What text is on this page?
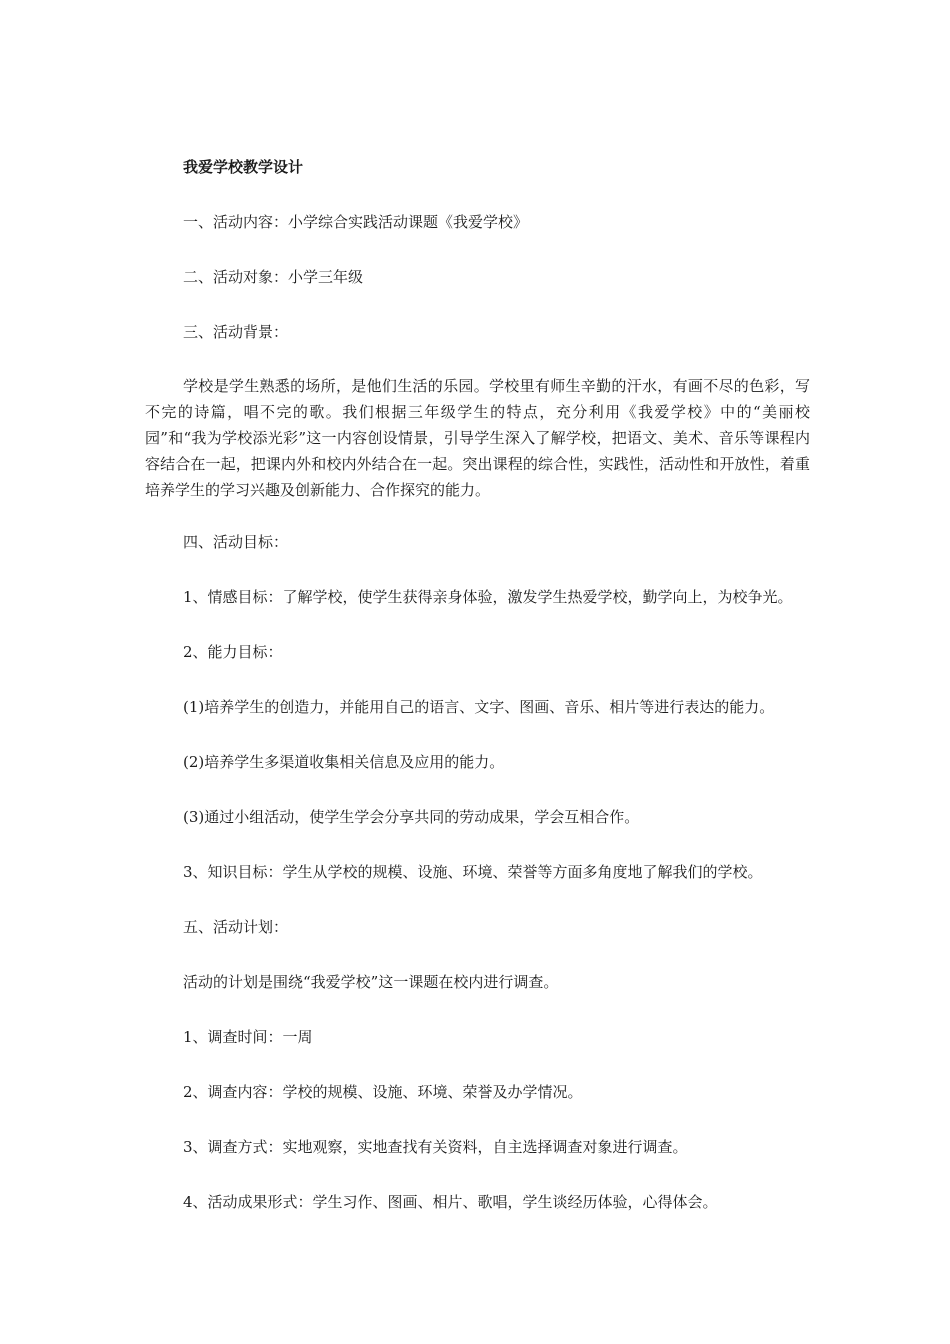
我爱学校教学设计
一、活动内容：小学综合实践活动课题《我爱学校》
二、活动对象：小学三年级
三、活动背景：
学校是学生熟悉的场所，是他们生活的乐园。学校里有师生辛勤的汗水，有画不尽的色彩，写不完的诗篇，唱不完的歌。我们根据三年级学生的特点，充分利用《我爱学校》中的“美丽校园”和“我为学校添光彩”这一内容创设情景，引导学生深入了解学校，把语文、美术、音乐等课程内容结合在一起，把课内外和校内外结合在一起。突出课程的综合性，实践性，活动性和开放性，着重培养学生的学习兴趣及创新能力、合作探究的能力。
四、活动目标：
1、情感目标：了解学校，使学生获得亲身体验，激发学生热爱学校，勤学向上，为校争光。
2、能力目标：
(1)培养学生的创造力，并能用自己的语言、文字、图画、音乐、相片等进行表达的能力。
(2)培养学生多渠道收集相关信息及应用的能力。
(3)通过小组活动，使学生学会分享共同的劳动成果，学会互相合作。
3、知识目标：学生从学校的规模、设施、环境、荣誉等方面多角度地了解我们的学校。
五、活动计划：
活动的计划是围绕“我爱学校”这一课题在校内进行调查。
1、调查时间：一周
2、调查内容：学校的规模、设施、环境、荣誉及办学情况。
3、调查方式：实地观察，实地查找有关资料，自主选择调查对象进行调查。
4、活动成果形式：学生习作、图画、相片、歌唱，学生谈经历体验，心得体会。
